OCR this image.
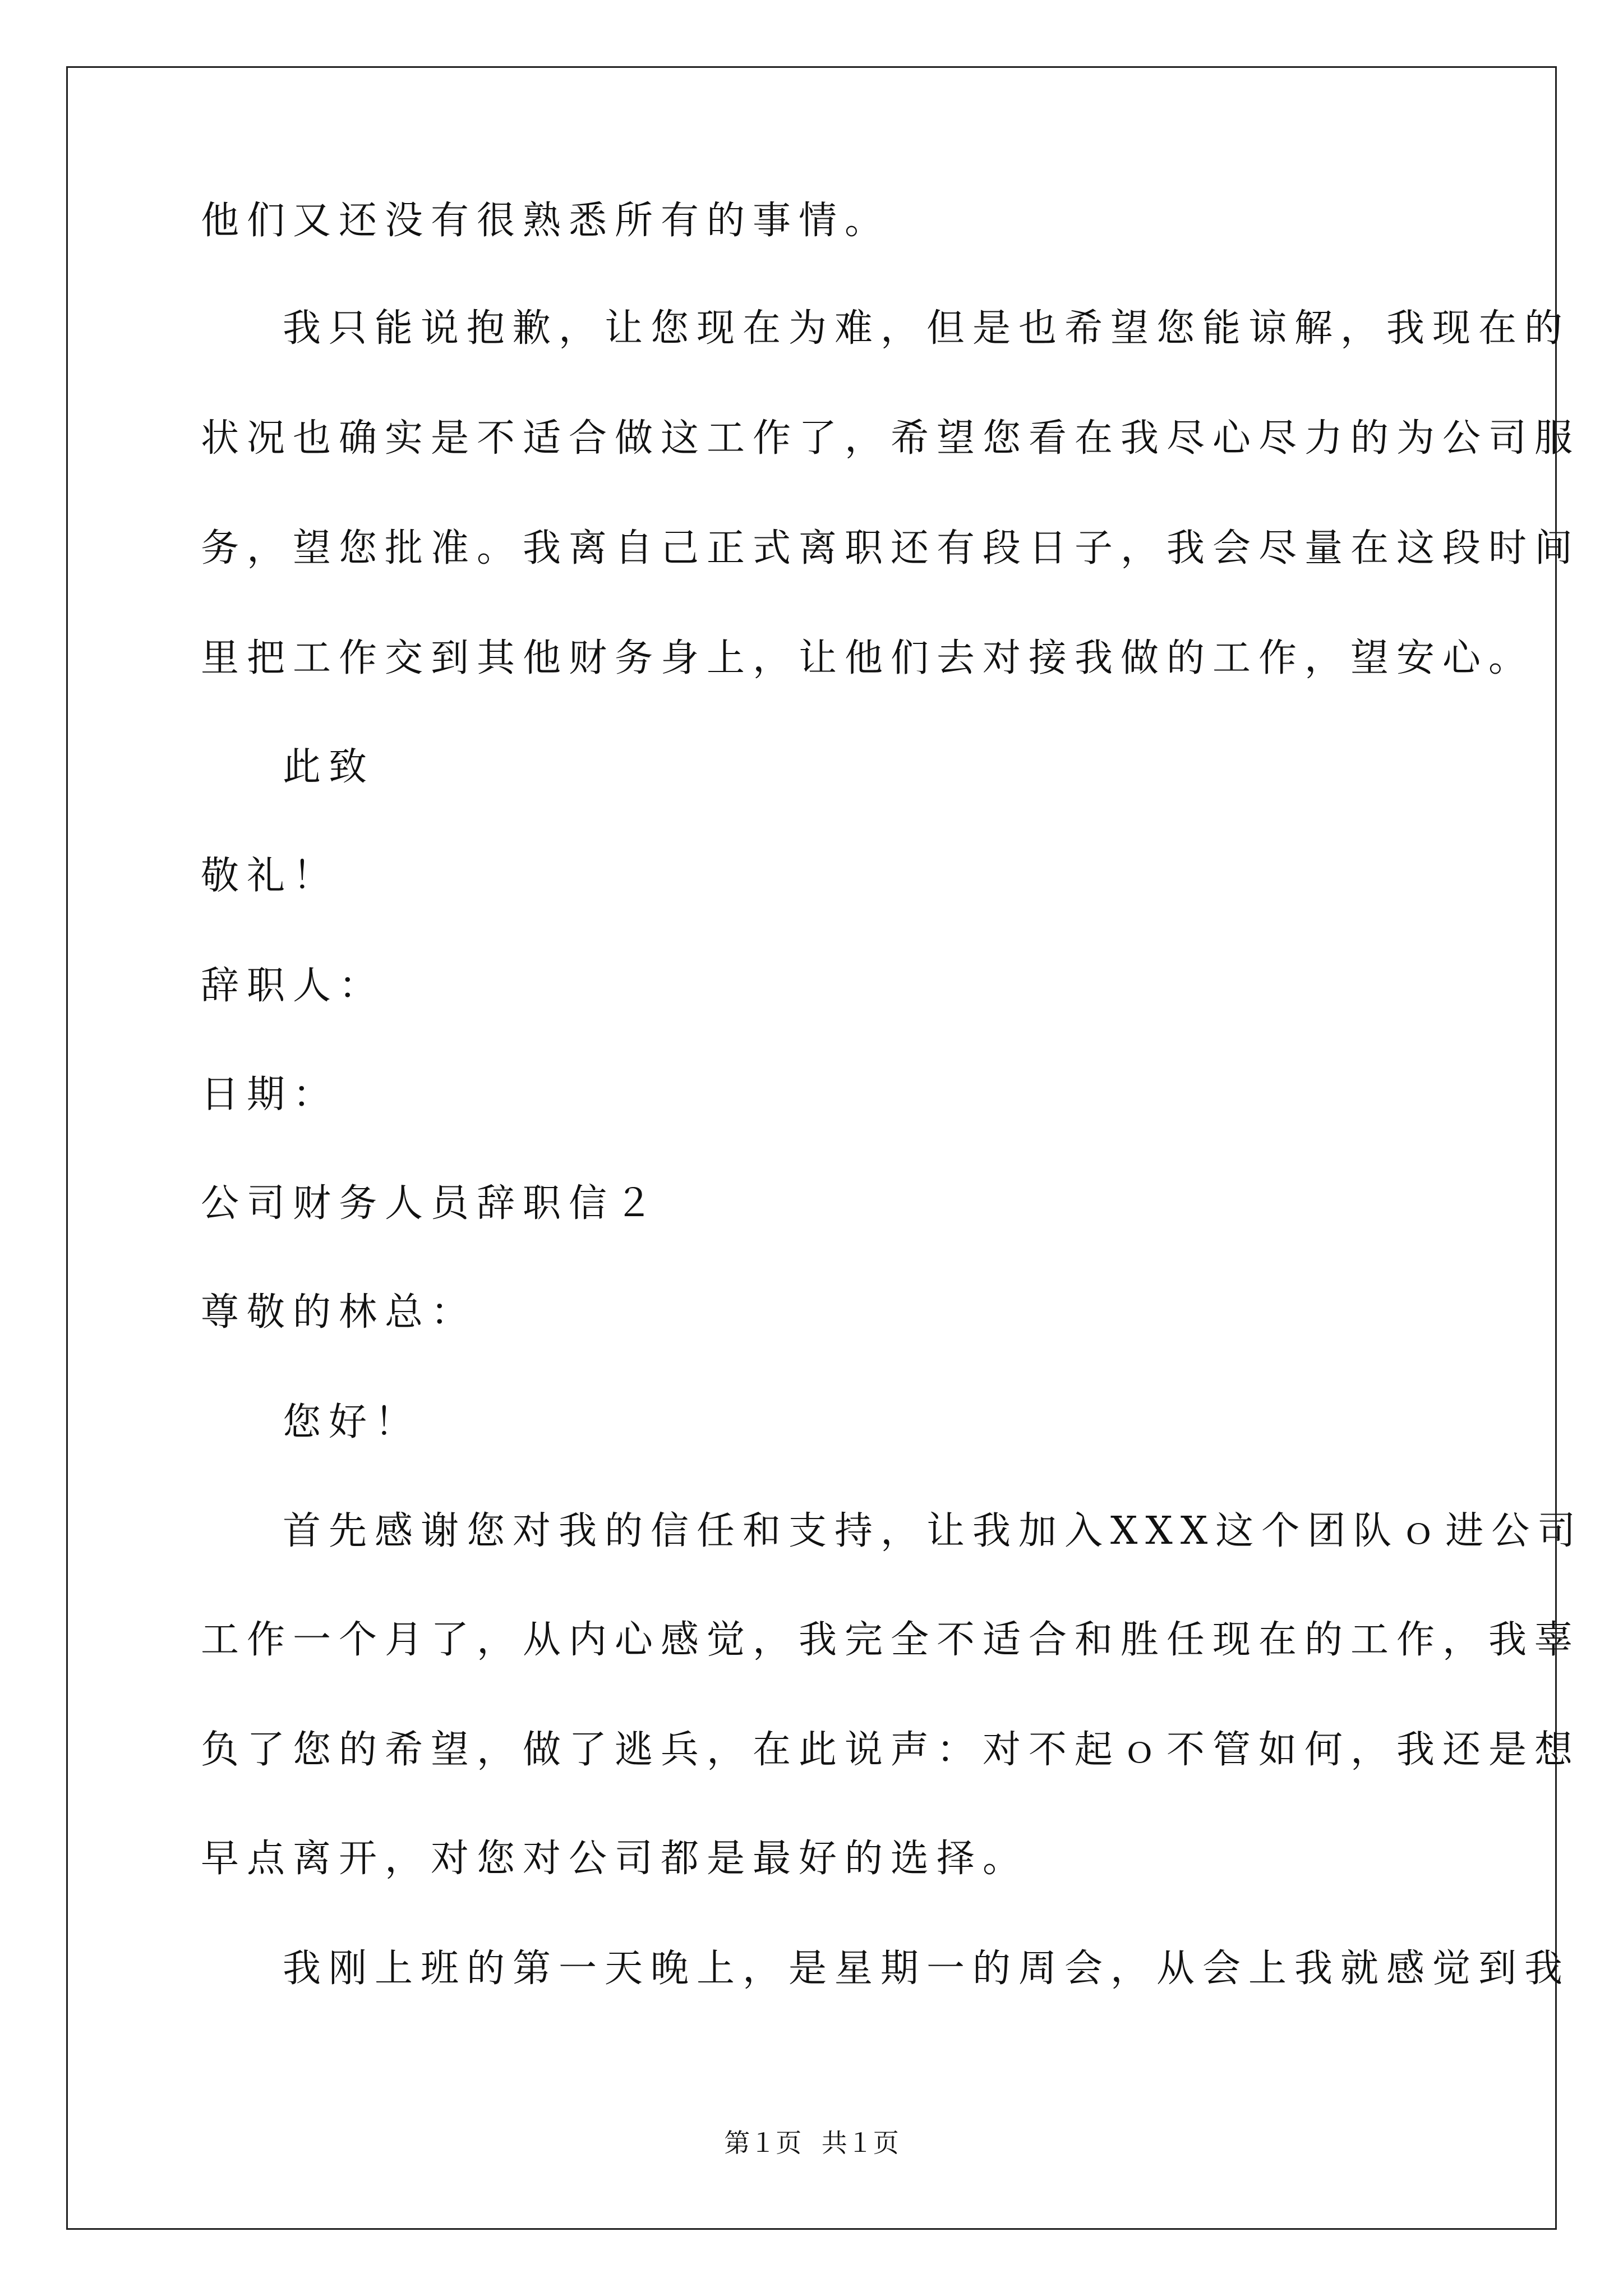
他们又还没有很熟悉所有的事情。

我只能说抱歉，让您现在为难，但是也希望您能谅解，我现在的

状况也确实是不适合做这工作了，希望您看在我尽心尽力的为公司服

务，望您批准。我离自己正式离职还有段日子，我会尽量在这段时间

里把工作交到其他财务身上，让他们去对接我做的工作，望安心。

此致

敬礼！

辞职人：

日期：

公司财务人员辞职信２

尊敬的林总：

您好！

首先感谢您对我的信任和支持，让我加入XXX这个团队ｏ进公司

工作一个月了，从内心感觉，我完全不适合和胜任现在的工作，我辜

负了您的希望，做了逃兵，在此说声：对不起ｏ不管如何，我还是想

早点离开，对您对公司都是最好的选择。

我刚上班的第一天晚上，是星期一的周会，从会上我就感觉到我

第１页 共１页
